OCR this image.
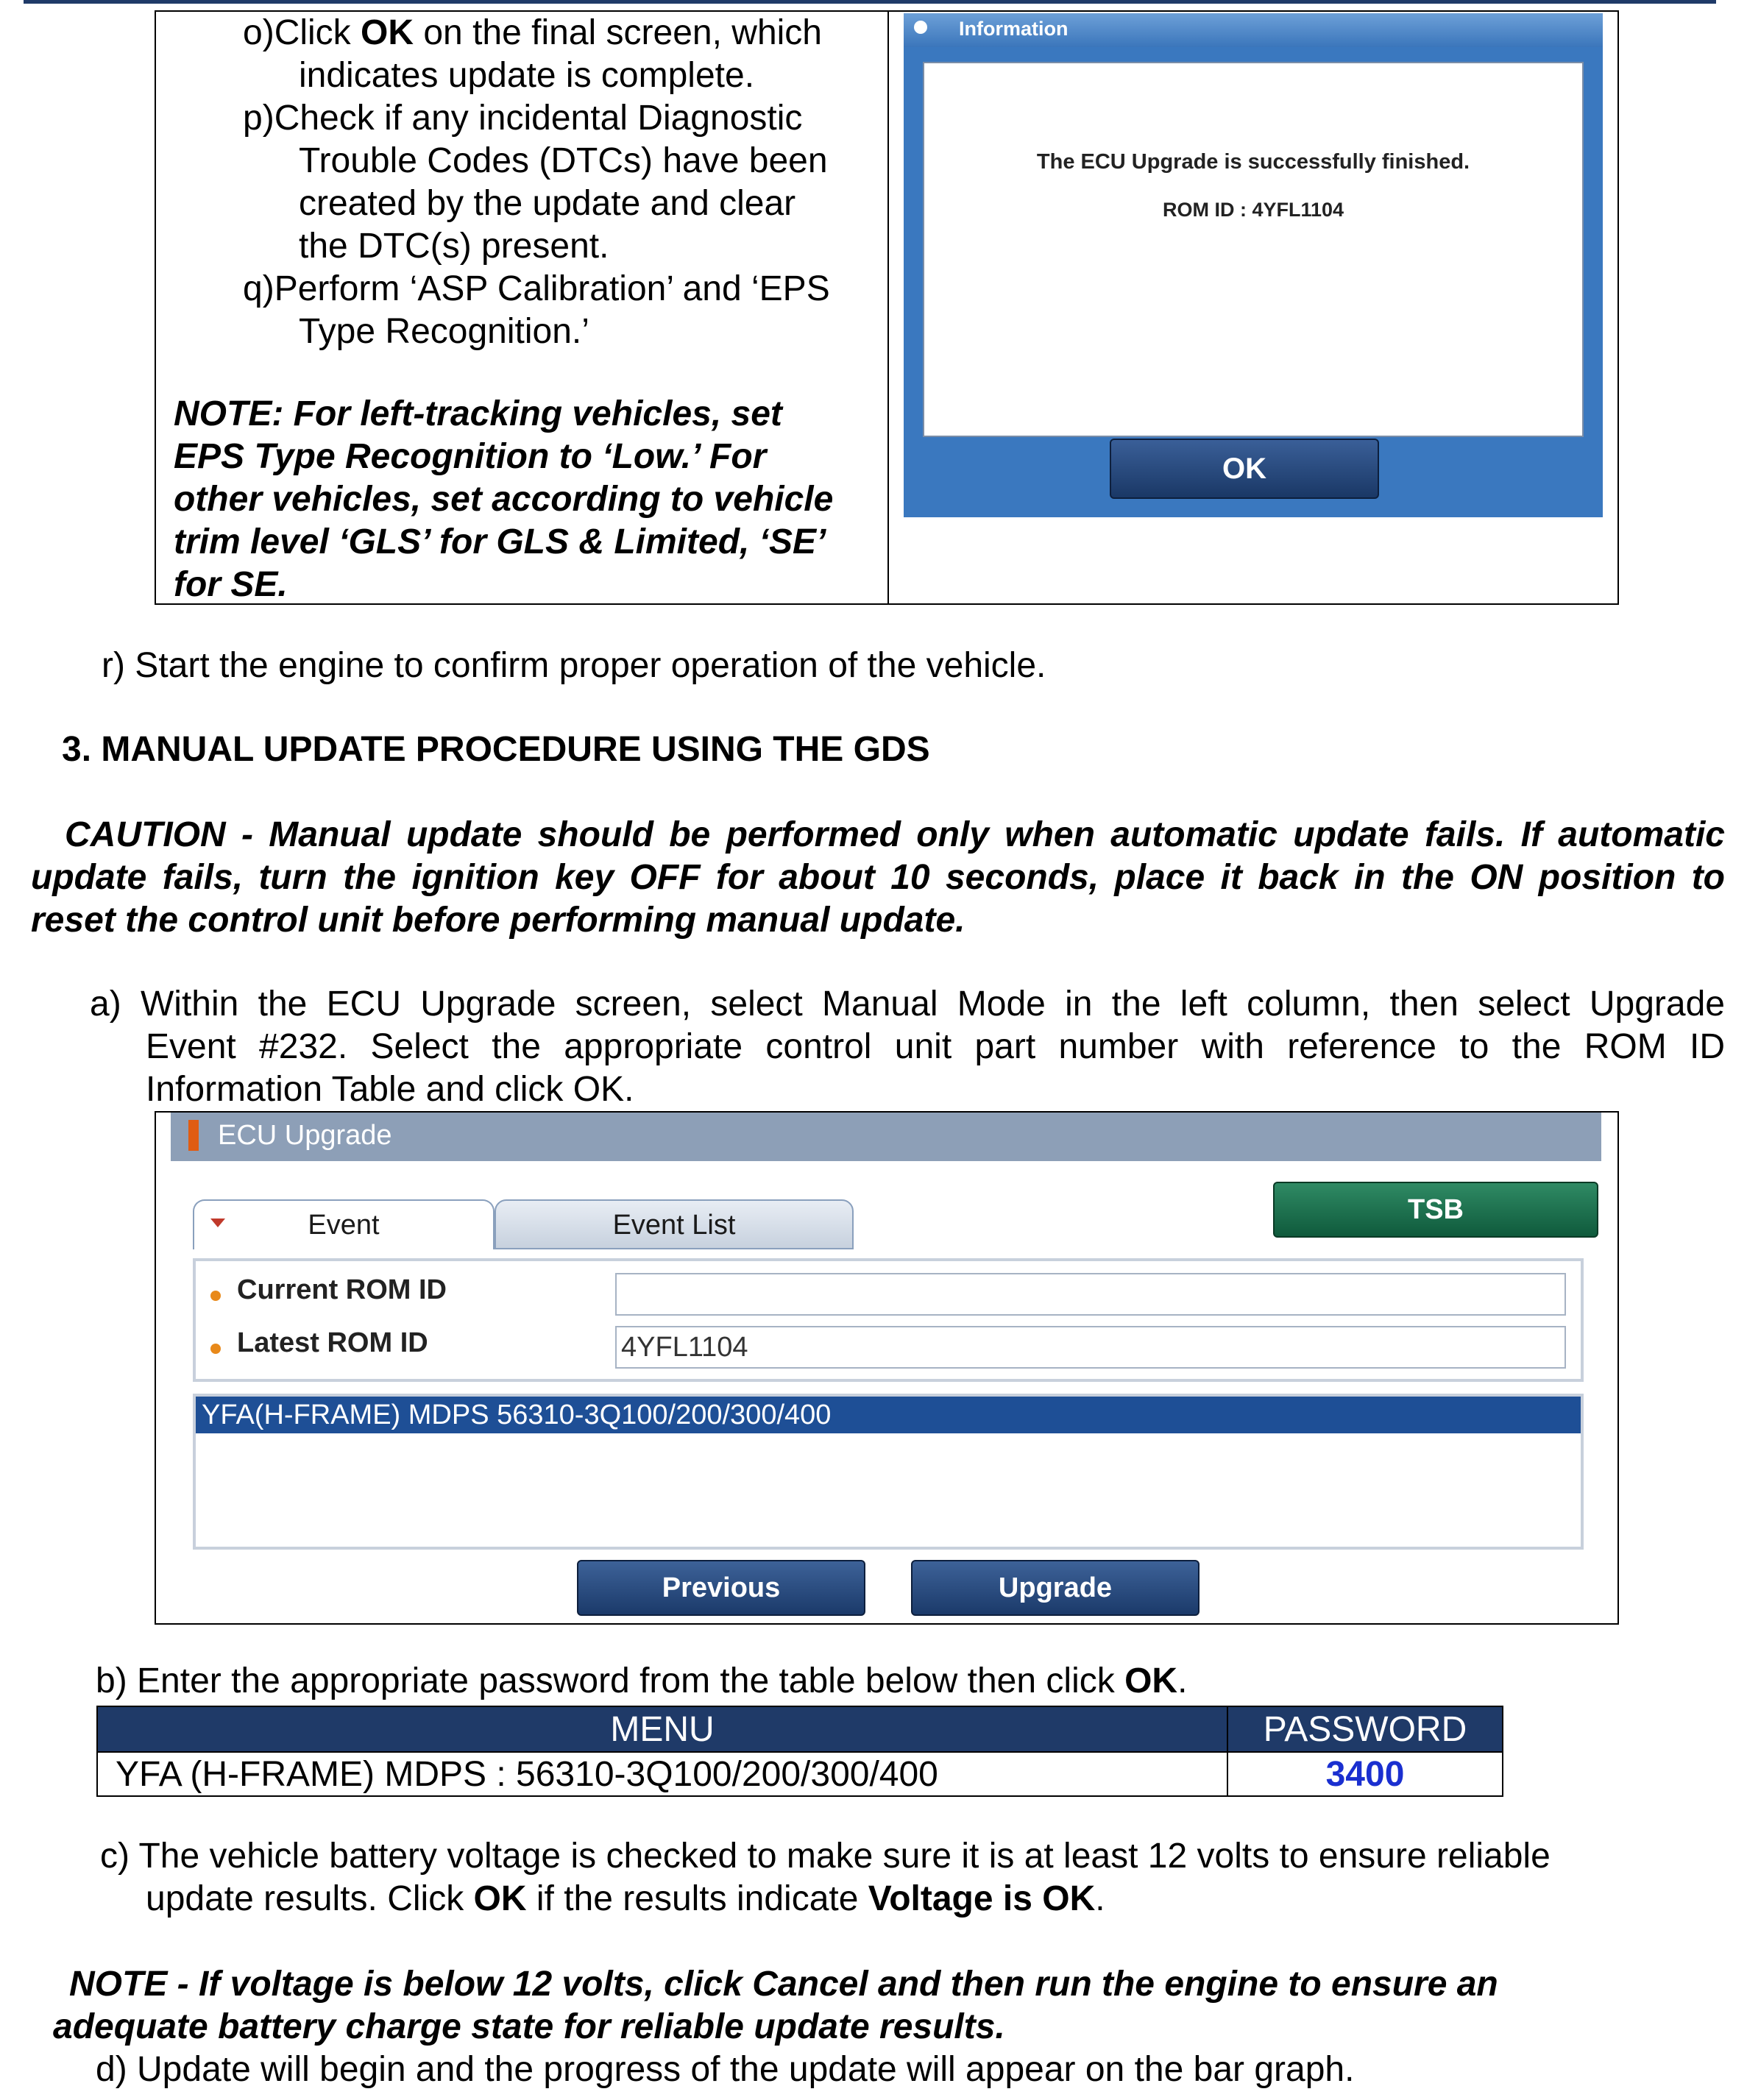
o)Click OK on the final screen, which
indicates update is complete.
p)Check if any incidental Diagnostic
Trouble Codes (DTCs) have been
created by the update and clear
the DTC(s) present.
q)Perform ‘ASP Calibration’ and ‘EPS
Type Recognition.’
NOTE: For left-tracking vehicles, set
EPS Type Recognition to ‘Low.’ For
other vehicles, set according to vehicle
trim level ‘GLS’ for GLS & Limited, ‘SE’
for SE.
Information
The ECU Upgrade is successfully finished.
ROM ID : 4YFL1104
OK
r) Start the engine to confirm proper operation of the vehicle.
3. MANUAL UPDATE PROCEDURE USING THE GDS
CAUTION - Manual update should be performed only when automatic update fails. If automatic
update fails, turn the ignition key OFF for about 10 seconds, place it back in the ON position to
reset the control unit before performing manual update.
a) Within the ECU Upgrade screen, select Manual Mode in the left column, then select Upgrade
Event #232. Select the appropriate control unit part number with reference to the ROM ID
Information Table and click OK.
ECU Upgrade
Event	Event List	TSB
Current ROM ID
Latest ROM ID	4YFL1104
YFA(H-FRAME) MDPS 56310-3Q100/200/300/400
Previous	Upgrade
b) Enter the appropriate password from the table below then click OK.
MENU	PASSWORD
YFA (H-FRAME) MDPS : 56310-3Q100/200/300/400	3400
c) The vehicle battery voltage is checked to make sure it is at least 12 volts to ensure reliable
update results. Click OK if the results indicate Voltage is OK.
NOTE - If voltage is below 12 volts, click Cancel and then run the engine to ensure an
adequate battery charge state for reliable update results.
d) Update will begin and the progress of the update will appear on the bar graph.
